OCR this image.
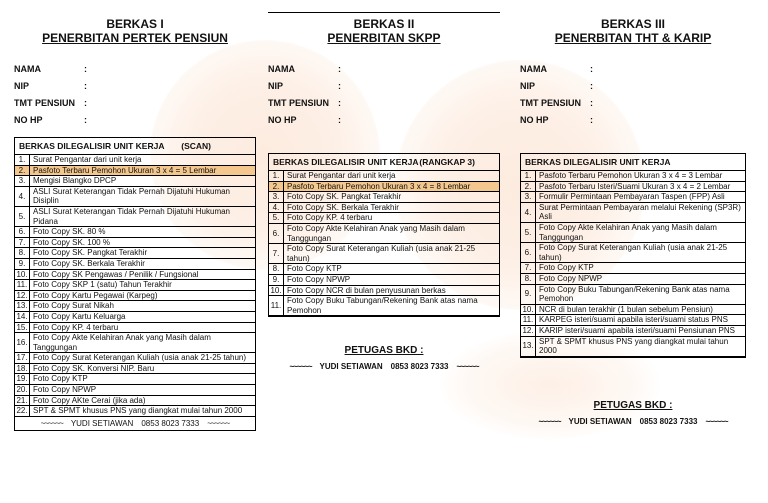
BERKAS I
PENERBITAN PERTEK PENSIUN
NAMA	:
NIP	:
TMT PENSIUN :
NO HP	:
BERKAS DILEGALISIR UNIT KERJA (SCAN)
1.	Surat Pengantar dari unit kerja
2.	Pasfoto Terbaru Pemohon Ukuran 3 x 4 = 5 Lembar
3.	Mengisi Blangko DPCP
4.	ASLI Surat Keterangan Tidak Pernah Dijatuhi Hukuman Disiplin
5.	ASLI Surat Keterangan Tidak Pernah Dijatuhi Hukuman Pidana
6.	Foto Copy SK. 80 %
7.	Foto Copy SK. 100 %
8.	Foto Copy SK. Pangkat Terakhir
9.	Foto Copy SK. Berkala Terakhir
10.	Foto Copy SK Pengawas / Penilik / Fungsional
11.	Foto Copy SKP 1 (satu) Tahun Terakhir
12.	Foto Copy Kartu Pegawai (Karpeg)
13.	Foto Copy Surat Nikah
14.	Foto Copy Kartu Keluarga
15.	Foto Copy KP. 4 terbaru
16.	Foto Copy Akte Kelahiran Anak yang Masih dalam Tanggungan
17.	Foto Copy Surat Keterangan Kuliah (usia anak 21-25 tahun)
18.	Foto Copy SK. Konversi NIP. Baru
19.	Foto Copy KTP
20.	Foto Copy NPWP
21.	Foto Copy AKte Cerai (jika ada)
22.	SPT & SPMT khusus PNS yang diangkat mulai tahun 2000
~~~~~~ YUDI SETIAWAN 0853 8023 7333 ~~~~~~
BERKAS II
PENERBITAN SKPP
NAMA	:
NIP	:
TMT PENSIUN :
NO HP	:
BERKAS DILEGALISIR UNIT KERJA (RANGKAP 3)
1.	Surat Pengantar dari unit kerja
2.	Pasfoto Terbaru Pemohon Ukuran 3 x 4 = 8 Lembar
3.	Foto Copy SK. Pangkat Terakhir
4.	Foto Copy SK. Berkala Terakhir
5.	Foto Copy KP. 4 terbaru
6.	Foto Copy Akte Kelahiran Anak yang Masih dalam Tanggungan
7.	Foto Copy Surat Keterangan Kuliah (usia anak 21-25 tahun)
8.	Foto Copy KTP
9.	Foto Copy NPWP
10.	Foto Copy NCR di bulan penyusunan berkas
11.	Foto Copy Buku Tabungan/Rekening Bank atas nama Pemohon
PETUGAS BKD :
~~~~~~ YUDI SETIAWAN 0853 8023 7333 ~~~~~~
BERKAS III
PENERBITAN THT & KARIP
NAMA	:
NIP	:
TMT PENSIUN :
NO HP	:
BERKAS DILEGALISIR UNIT KERJA
1.	Pasfoto Terbaru Pemohon Ukuran 3 x 4 = 3 Lembar
2.	Pasfoto Terbaru Isteri/Suami Ukuran 3 x 4 = 2 Lembar
3.	Formulir Permintaan Pembayaran Taspen (FPP) Asli
4.	Surat Permintaan Pembayaran melalui Rekening (SP3R) Asli
5.	Foto Copy Akte Kelahiran Anak yang Masih dalam Tanggungan
6.	Foto Copy Surat Keterangan Kuliah (usia anak 21-25 tahun)
7.	Foto Copy KTP
8.	Foto Copy NPWP
9.	Foto Copy Buku Tabungan/Rekening Bank atas nama Pemohon
10.	NCR di bulan terakhir (1 bulan sebelum Pensiun)
11.	KARPEG isteri/suami apabila isteri/suami status PNS
12.	KARIP isteri/suami apabila isteri/suami Pensiunan PNS
13.	SPT & SPMT khusus PNS yang diangkat mulai tahun 2000
PETUGAS BKD :
~~~~~~ YUDI SETIAWAN 0853 8023 7333 ~~~~~~
